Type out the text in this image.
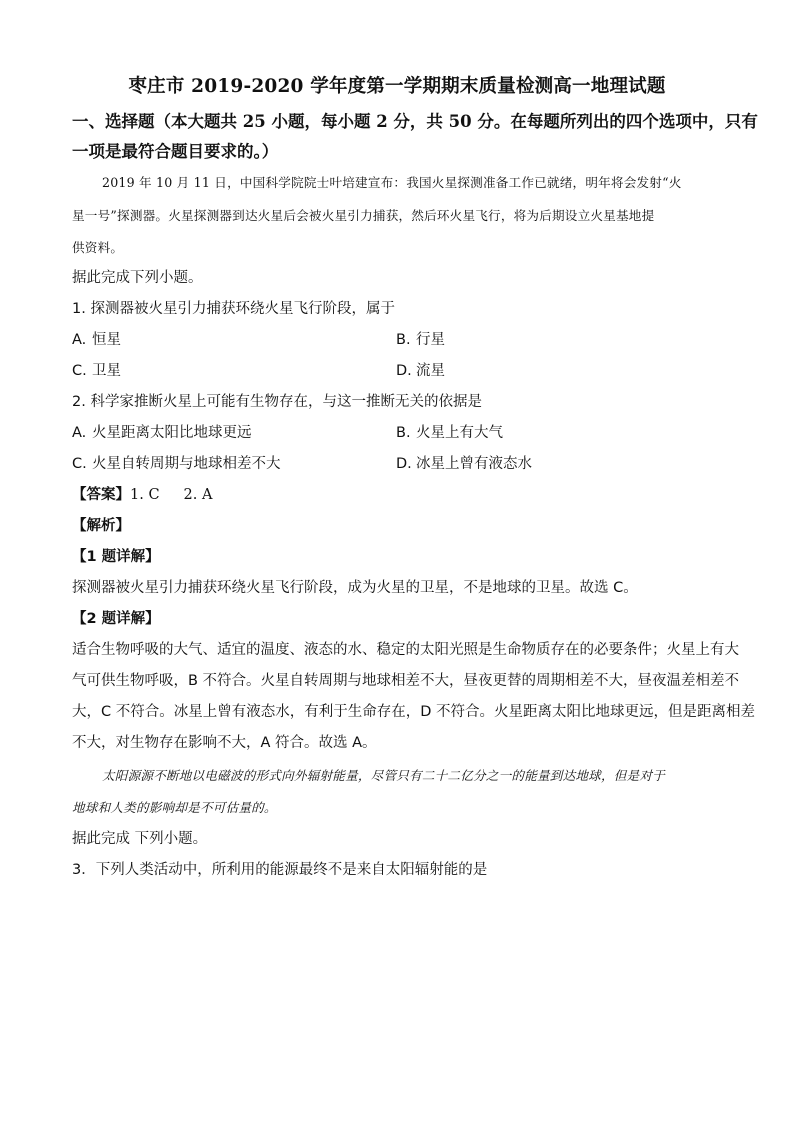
枣庄市 2019-2020 学年度第一学期期末质量检测高一地理试题
一、选择题（本大题共 25 小题，每小题 2 分，共 50 分。在每题所列出的四个选项中，只有
一项是最符合题目要求的。）
2019 年 10 月 11 日，中国科学院院士叶培建宣布：我国火星探测准备工作已就绪，明年将会发射“火
星一号”探测器。火星探测器到达火星后会被火星引力捕获，然后环火星飞行，将为后期设立火星基地提
供资料。
据此完成下列小题。
1. 探测器被火星引力捕获环绕火星飞行阶段，属于
A. 恒星	B. 行星
C. 卫星	D. 流星
2. 科学家推断火星上可能有生物存在，与这一推断无关的依据是
A. 火星距离太阳比地球更远	B. 火星上有大气
C. 火星自转周期与地球相差不大	D. 冰星上曾有液态水
【答案】1. C 2. A
【解析】
【1 题详解】
探测器被火星引力捕获环绕火星飞行阶段，成为火星的卫星，不是地球的卫星。故选 C。
【2 题详解】
适合生物呼吸的大气、适宜的温度、液态的水、稳定的太阳光照是生命物质存在的必要条件；火星上有大
气可供生物呼吸，B 不符合。火星自转周期与地球相差不大，昼夜更替的周期相差不大，昼夜温差相差不
大，C 不符合。冰星上曾有液态水，有利于生命存在，D 不符合。火星距离太阳比地球更远，但是距离相差
不大，对生物存在影响不大，A 符合。故选 A。
太阳源源不断地以电磁波的形式向外辐射能量，尽管只有二十二亿分之一的能量到达地球，但是对于
地球和人类的影响却是不可估量的。
据此完成 下列小题。
3．下列人类活动中，所利用的能源最终不是来自太阳辐射能的是
